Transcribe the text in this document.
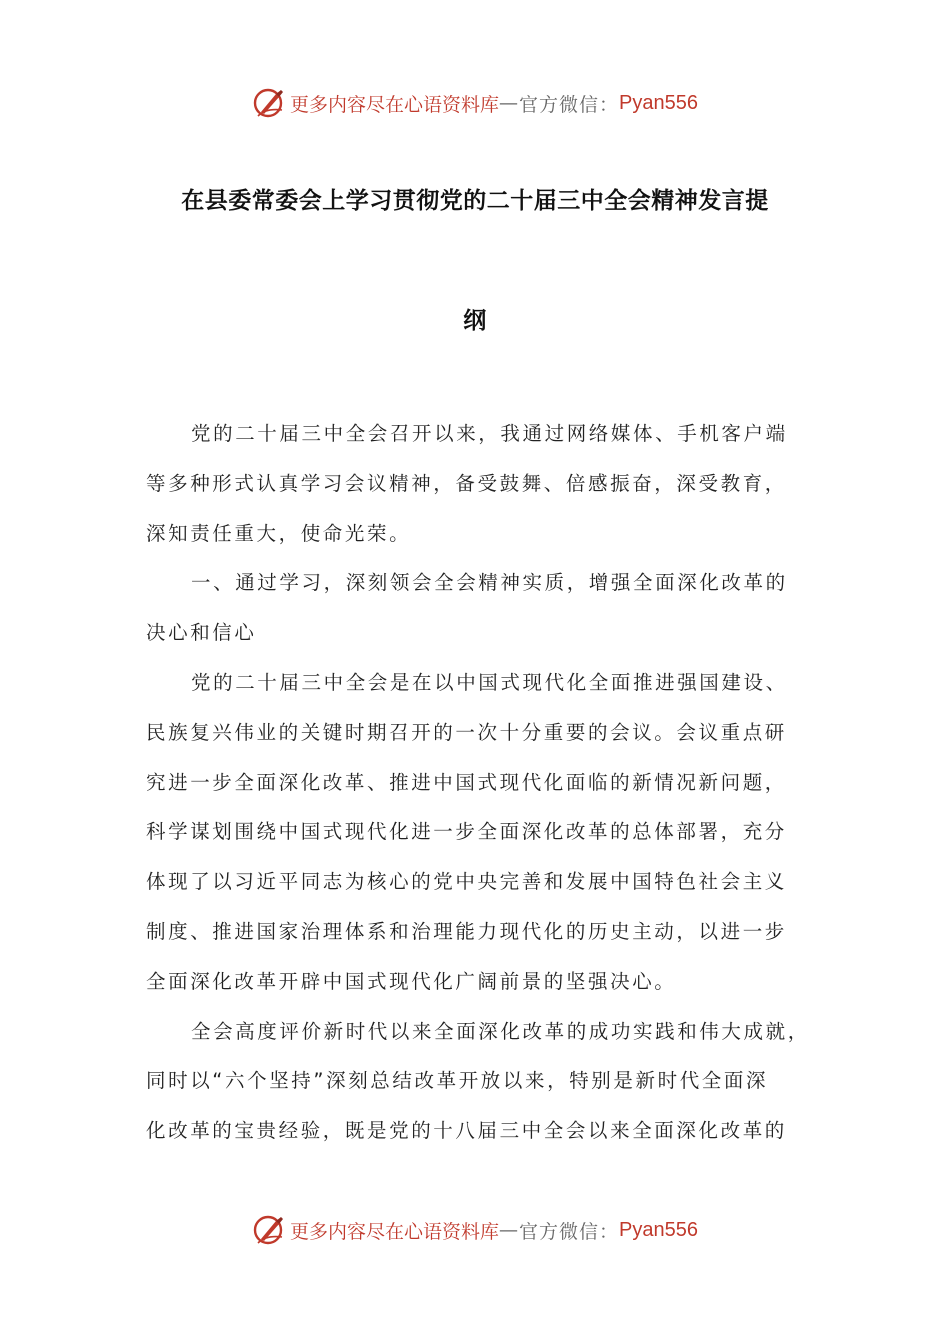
更多内容尽在心语资料库 — 官方微信： Pyan556
在县委常委会上学习贯彻党的二十届三中全会精神发言提
纲
党的二十届三中全会召开以来，我通过网络媒体、手机客户端
等多种形式认真学习会议精神，备受鼓舞、倍感振奋，深受教育，
深知责任重大，使命光荣。
一、通过学习，深刻领会全会精神实质，增强全面深化改革的
决心和信心
党的二十届三中全会是在以中国式现代化全面推进强国建设、
民族复兴伟业的关键时期召开的一次十分重要的会议。会议重点研
究进一步全面深化改革、推进中国式现代化面临的新情况新问题，
科学谋划围绕中国式现代化进一步全面深化改革的总体部署，充分
体现了以习近平同志为核心的党中央完善和发展中国特色社会主义
制度、推进国家治理体系和治理能力现代化的历史主动，以进一步
全面深化改革开辟中国式现代化广阔前景的坚强决心。
全会高度评价新时代以来全面深化改革的成功实践和伟大成就，
同时以“六个坚持”深刻总结改革开放以来，特别是新时代全面深
化改革的宝贵经验，既是党的十八届三中全会以来全面深化改革的
更多内容尽在心语资料库 — 官方微信： Pyan556
